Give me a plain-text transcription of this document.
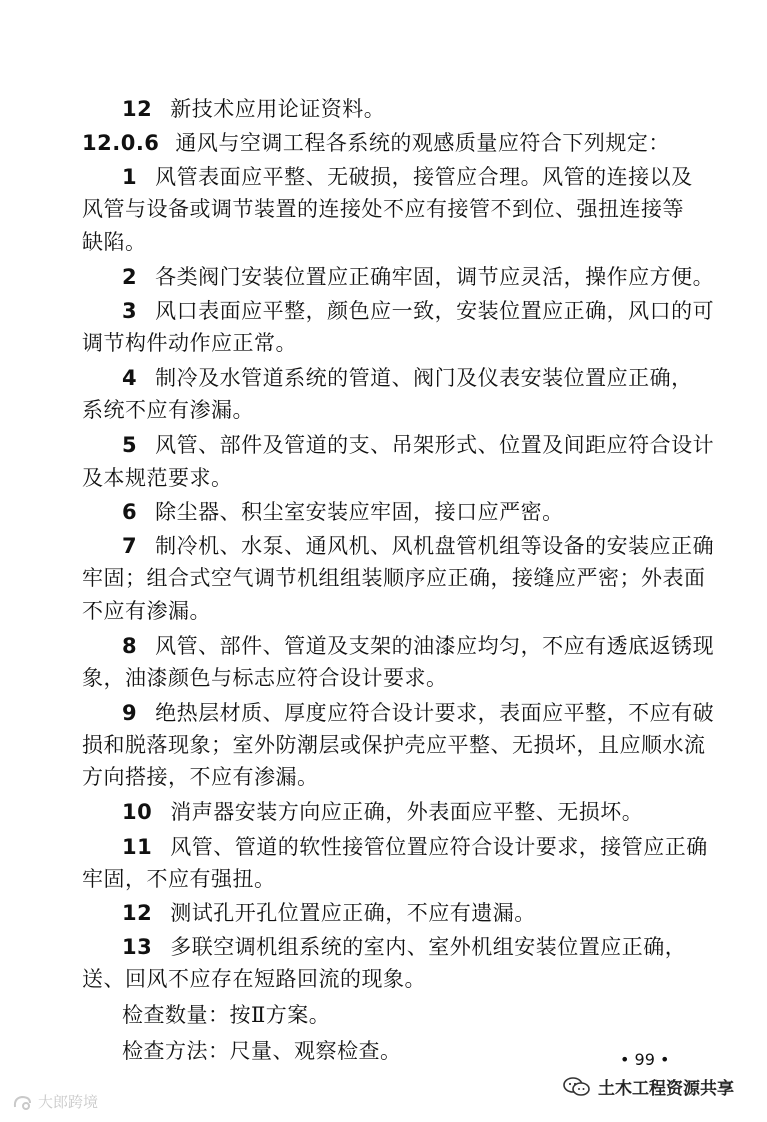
12 新技术应用论证资料。
12.0.6 通风与空调工程各系统的观感质量应符合下列规定：
1 风管表面应平整、无破损，接管应合理。风管的连接以及
风管与设备或调节装置的连接处不应有接管不到位、强扭连接等
缺陷。
2 各类阀门安装位置应正确牢固，调节应灵活，操作应方便。
3 风口表面应平整，颜色应一致，安装位置应正确，风口的可
调节构件动作应正常。
4 制冷及水管道系统的管道、阀门及仪表安装位置应正确，
系统不应有渗漏。
5 风管、部件及管道的支、吊架形式、位置及间距应符合设计
及本规范要求。
6 除尘器、积尘室安装应牢固，接口应严密。
7 制冷机、水泵、通风机、风机盘管机组等设备的安装应正确
牢固；组合式空气调节机组组装顺序应正确，接缝应严密；外表面
不应有渗漏。
8 风管、部件、管道及支架的油漆应均匀，不应有透底返锈现
象，油漆颜色与标志应符合设计要求。
9 绝热层材质、厚度应符合设计要求，表面应平整，不应有破
损和脱落现象；室外防潮层或保护壳应平整、无损坏，且应顺水流
方向搭接，不应有渗漏。
10 消声器安装方向应正确，外表面应平整、无损坏。
11 风管、管道的软性接管位置应符合设计要求，接管应正确
牢固，不应有强扭。
12 测试孔开孔位置应正确，不应有遗漏。
13 多联空调机组系统的室内、室外机组安装位置应正确，
送、回风不应存在短路回流的现象。
检查数量：按Ⅱ方案。
检查方法：尺量、观察检查。	• 99 •
大郎跨境
土木工程资源共享
